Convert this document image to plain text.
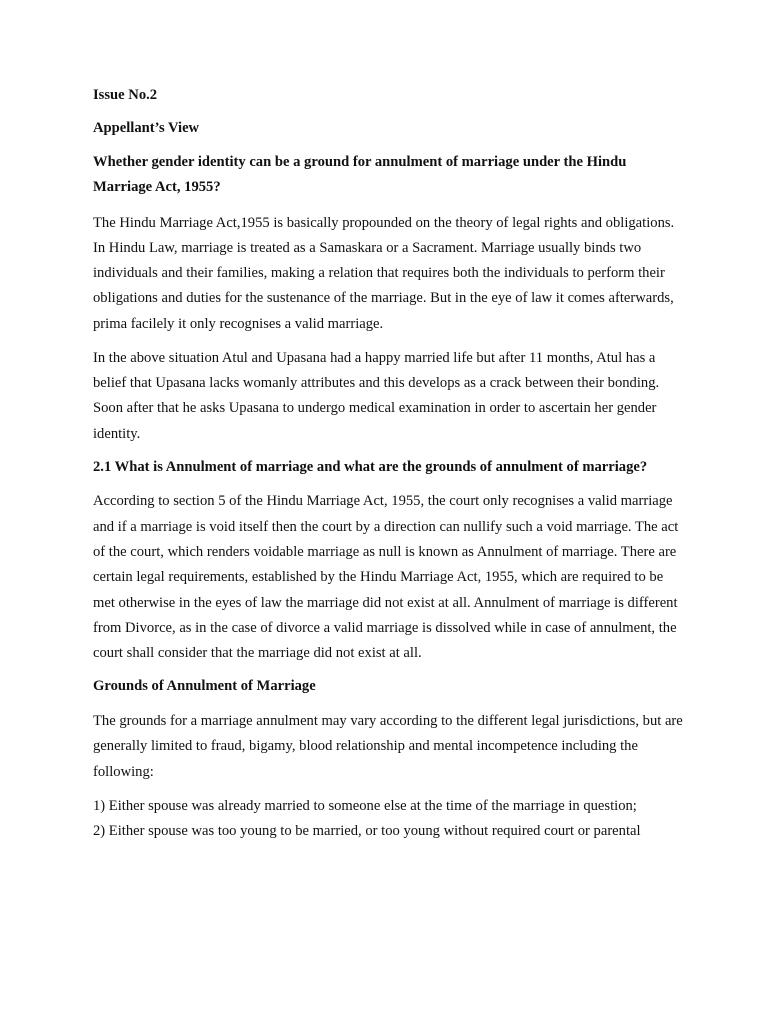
Issue No.2

Appellant’s View

Whether gender identity can be a ground for annulment of marriage under the Hindu Marriage Act, 1955?

The Hindu Marriage Act,1955 is basically propounded on the theory of legal rights and obligations. In Hindu Law, marriage is treated as a Samaskara or a Sacrament. Marriage usually binds two individuals and their families, making a relation that requires both the individuals to perform their obligations and duties for the sustenance of the marriage. But in the eye of law it comes afterwards, prima facilely it only recognises a valid marriage.

In the above situation Atul and Upasana had a happy married life but after 11 months, Atul has a belief that Upasana lacks womanly attributes and this develops as a crack between their bonding. Soon after that he asks Upasana to undergo medical examination in order to ascertain her gender identity.

2.1 What is Annulment of marriage and what are the grounds of annulment of marriage?

According to section 5 of the Hindu Marriage Act, 1955, the court only recognises a valid marriage and if a marriage is void itself then the court by a direction can nullify such a void marriage. The act of the court, which renders voidable marriage as null is known as Annulment of marriage. There are certain legal requirements, established by the Hindu Marriage Act, 1955, which are required to be met otherwise in the eyes of law the marriage did not exist at all. Annulment of marriage is different from Divorce, as in the case of divorce a valid marriage is dissolved while in case of annulment, the court shall consider that the marriage did not exist at all.

Grounds of Annulment of Marriage

The grounds for a marriage annulment may vary according to the different legal jurisdictions, but are generally limited to fraud, bigamy, blood relationship and mental incompetence including the following:

1) Either spouse was already married to someone else at the time of the marriage in question;

2) Either spouse was too young to be married, or too young without required court or parental
